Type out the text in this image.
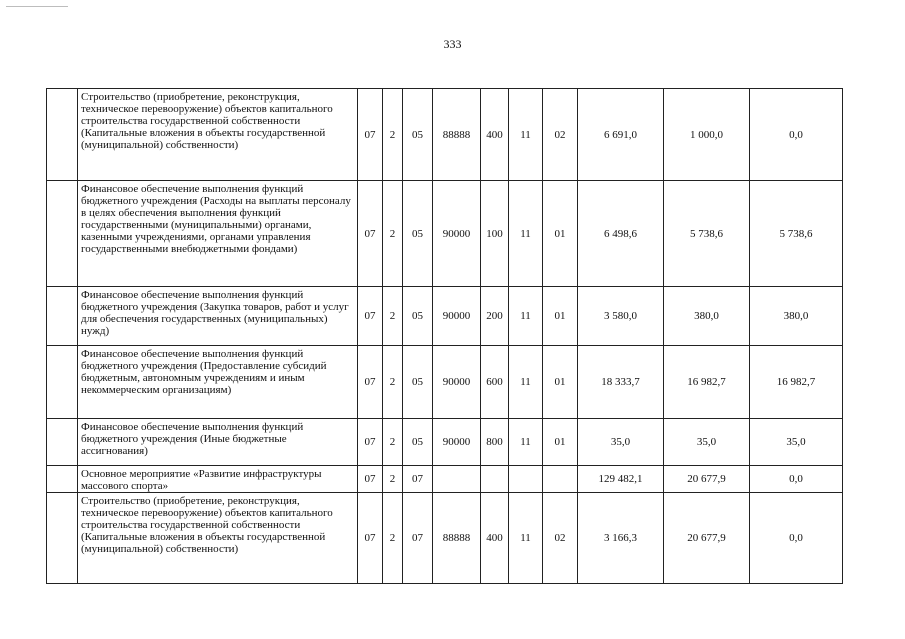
333
	Строительство (приобретение, реконструкция, техническое перевооружение) объектов капитального строительства государственной собственности (Капитальные вложения в объекты государственной (муниципальной) собственности)	07	2	05	88888	400	11	02	6 691,0	1 000,0	0,0
	Финансовое обеспечение выполнения функций бюджетного учреждения (Расходы на выплаты персоналу в целях обеспечения выполнения функций государственными (муниципальными) органами, казенными учреждениями, органами управления государственными внебюджетными фондами)	07	2	05	90000	100	11	01	6 498,6	5 738,6	5 738,6
	Финансовое обеспечение выполнения функций бюджетного учреждения (Закупка товаров, работ и услуг для обеспечения государственных (муниципальных) нужд)	07	2	05	90000	200	11	01	3 580,0	380,0	380,0
	Финансовое обеспечение выполнения функций бюджетного учреждения (Предоставление субсидий бюджетным, автономным учреждениям и иным некоммерческим организациям)	07	2	05	90000	600	11	01	18 333,7	16 982,7	16 982,7
	Финансовое обеспечение выполнения функций бюджетного учреждения (Иные бюджетные ассигнования)	07	2	05	90000	800	11	01	35,0	35,0	35,0
	Основное мероприятие «Развитие инфраструктуры массового спорта»	07	2	07					129 482,1	20 677,9	0,0
	Строительство (приобретение, реконструкция, техническое перевооружение) объектов капитального строительства государственной собственности (Капитальные вложения в объекты государственной (муниципальной) собственности)	07	2	07	88888	400	11	02	3 166,3	20 677,9	0,0
